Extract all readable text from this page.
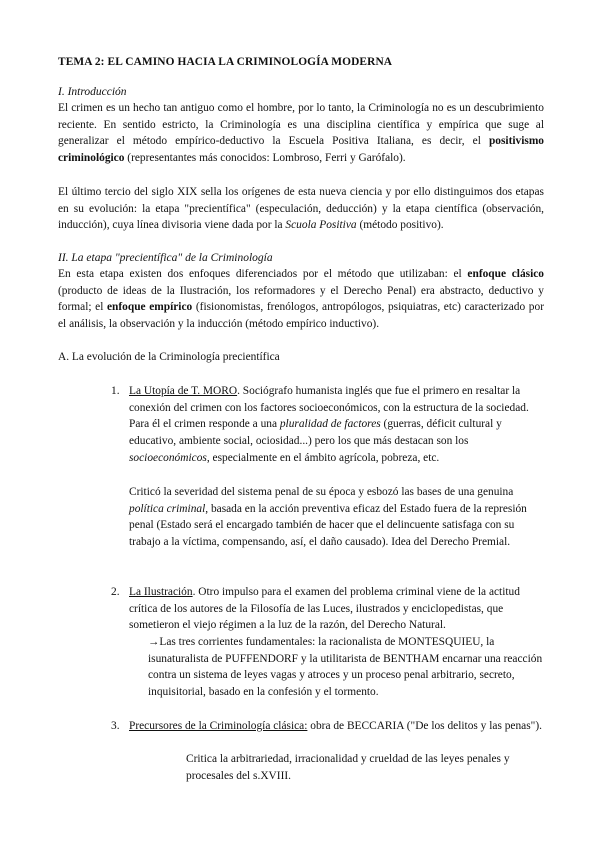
TEMA 2: EL CAMINO HACIA LA CRIMINOLOGÍA MODERNA
I. Introducción
El crimen es un hecho tan antiguo como el hombre, por lo tanto, la Criminología no es un descubrimiento reciente. En sentido estricto, la Criminología es una disciplina científica y empírica que suge al generalizar el método empírico-deductivo la Escuela Positiva Italiana, es decir, el positivismo criminológico (representantes más conocidos: Lombroso, Ferri y Garófalo).
El último tercio del siglo XIX sella los orígenes de esta nueva ciencia y por ello distinguimos dos etapas en su evolución: la etapa "precientífica" (especulación, deducción) y la etapa científica (observación, inducción), cuya línea divisoria viene dada por la Scuola Positiva (método positivo).
II. La etapa "precientífica" de la Criminología
En esta etapa existen dos enfoques diferenciados por el método que utilizaban: el enfoque clásico (producto de ideas de la Ilustración, los reformadores y el Derecho Penal) era abstracto, deductivo y formal; el enfoque empírico (fisionomistas, frenólogos, antropólogos, psiquiatras, etc) caracterizado por el análisis, la observación y la inducción (método empírico inductivo).
A. La evolución de la Criminología precientífica
1. La Utopía de T. MORO. Sociógrafo humanista inglés que fue el primero en resaltar la conexión del crimen con los factores socioeconómicos, con la estructura de la sociedad. Para él el crimen responde a una pluralidad de factores (guerras, déficit cultural y educativo, ambiente social, ociosidad...) pero los que más destacan son los socioeconómicos, especialmente en el ámbito agrícola, pobreza, etc.
Criticó la severidad del sistema penal de su época y esbozó las bases de una genuina política criminal, basada en la acción preventiva eficaz del Estado fuera de la represión penal (Estado será el encargado también de hacer que el delincuente satisfaga con su trabajo a la víctima, compensando, así, el daño causado). Idea del Derecho Premial.
2. La Ilustración. Otro impulso para el examen del problema criminal viene de la actitud crítica de los autores de la Filosofía de las Luces, ilustrados y enciclopedistas, que sometieron el viejo régimen a la luz de la razón, del Derecho Natural.
→Las tres corrientes fundamentales: la racionalista de MONTESQUIEU, la isunaturalista de PUFFENDORF y la utilitarista de BENTHAM encarnar una reacción contra un sistema de leyes vagas y atroces y un proceso penal arbitrario, secreto, inquisitorial, basado en la confesión y el tormento.
3. Precursores de la Criminología clásica: obra de BECCARIA ("De los delitos y las penas").
Critica la arbitrariedad, irracionalidad y crueldad de las leyes penales y procesales del s.XVIII.
